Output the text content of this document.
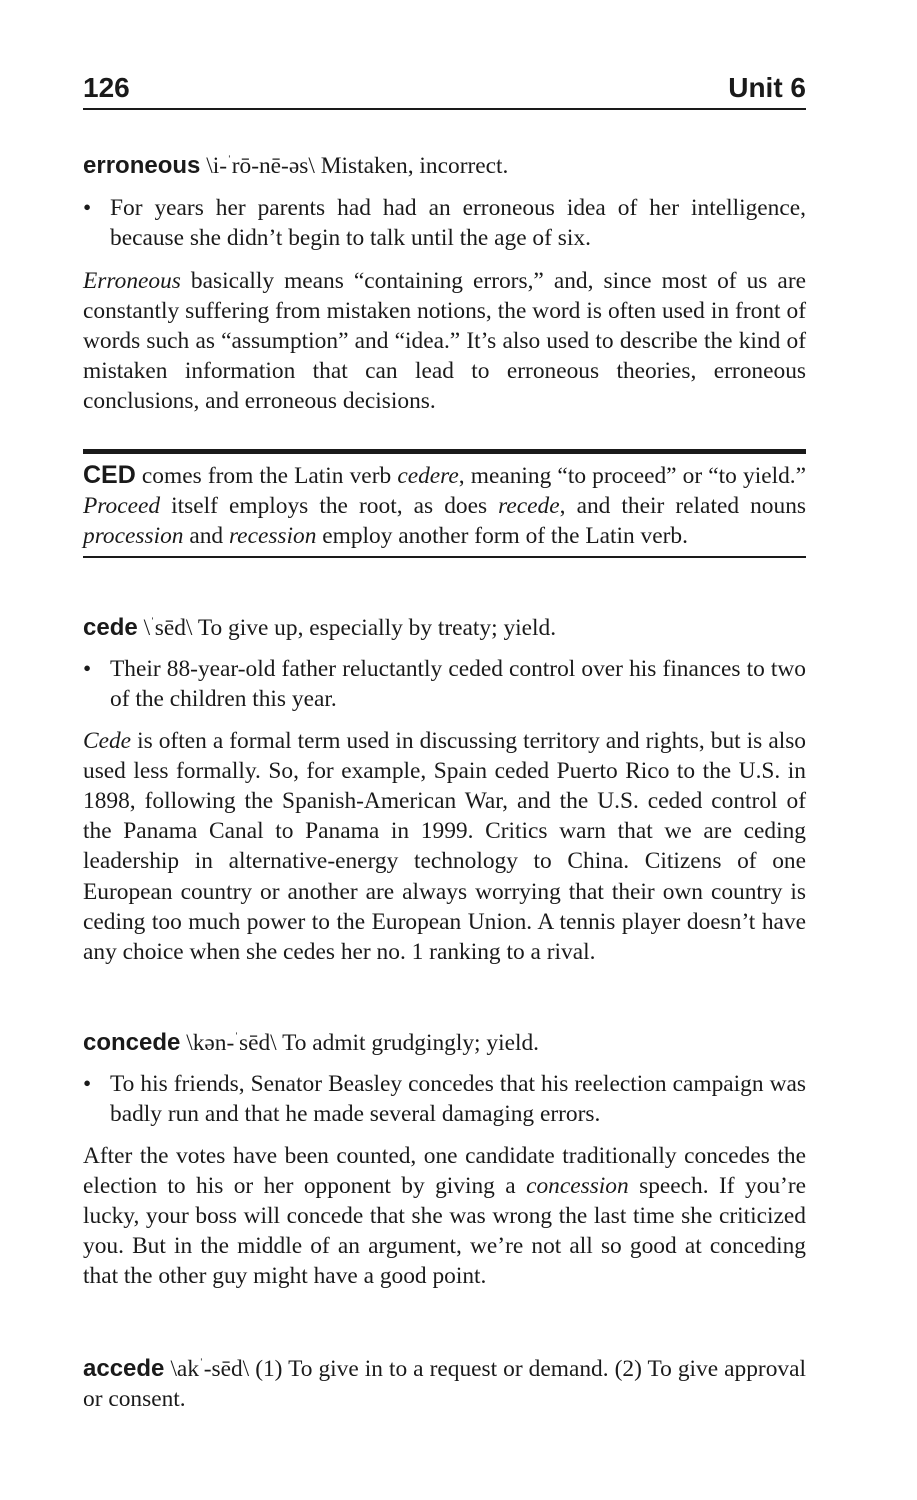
126	Unit 6

erroneous \i-$^ˈ$rō-nē-əs\ Mistaken, incorrect.

• For years her parents had had an erroneous idea of her intelligence, because she didn’t begin to talk until the age of six.

Erroneous basically means “containing errors,” and, since most of us are constantly suffering from mistaken notions, the word is often used in front of words such as “assumption” and “idea.” It’s also used to describe the kind of mistaken information that can lead to erroneous theories, erroneous conclusions, and erroneous decisions.

CED comes from the Latin verb cedere, meaning “to proceed” or “to yield.” Proceed itself employs the root, as does recede, and their related nouns procession and recession employ another form of the Latin verb.

cede \$^ˈ$sēd\ To give up, especially by treaty; yield.

• Their 88-year-old father reluctantly ceded control over his finances to two of the children this year.

Cede is often a formal term used in discussing territory and rights, but is also used less formally. So, for example, Spain ceded Puerto Rico to the U.S. in 1898, following the Spanish-American War, and the U.S. ceded control of the Panama Canal to Panama in 1999. Critics warn that we are ceding leadership in alternative-energy technology to China. Citizens of one European country or another are always worrying that their own country is ceding too much power to the European Union. A tennis player doesn’t have any choice when she cedes her no. 1 ranking to a rival.

concede \kən-$^ˈ$sēd\ To admit grudgingly; yield.

• To his friends, Senator Beasley concedes that his reelection campaign was badly run and that he made several damaging errors.

After the votes have been counted, one candidate traditionally concedes the election to his or her opponent by giving a concession speech. If you’re lucky, your boss will concede that she was wrong the last time she criticized you. But in the middle of an argument, we’re not all so good at conceding that the other guy might have a good point.

accede $\backslash ak^ˈ-sēd\backslash$ (1) To give in to a request or demand. (2) To give approval or consent.
